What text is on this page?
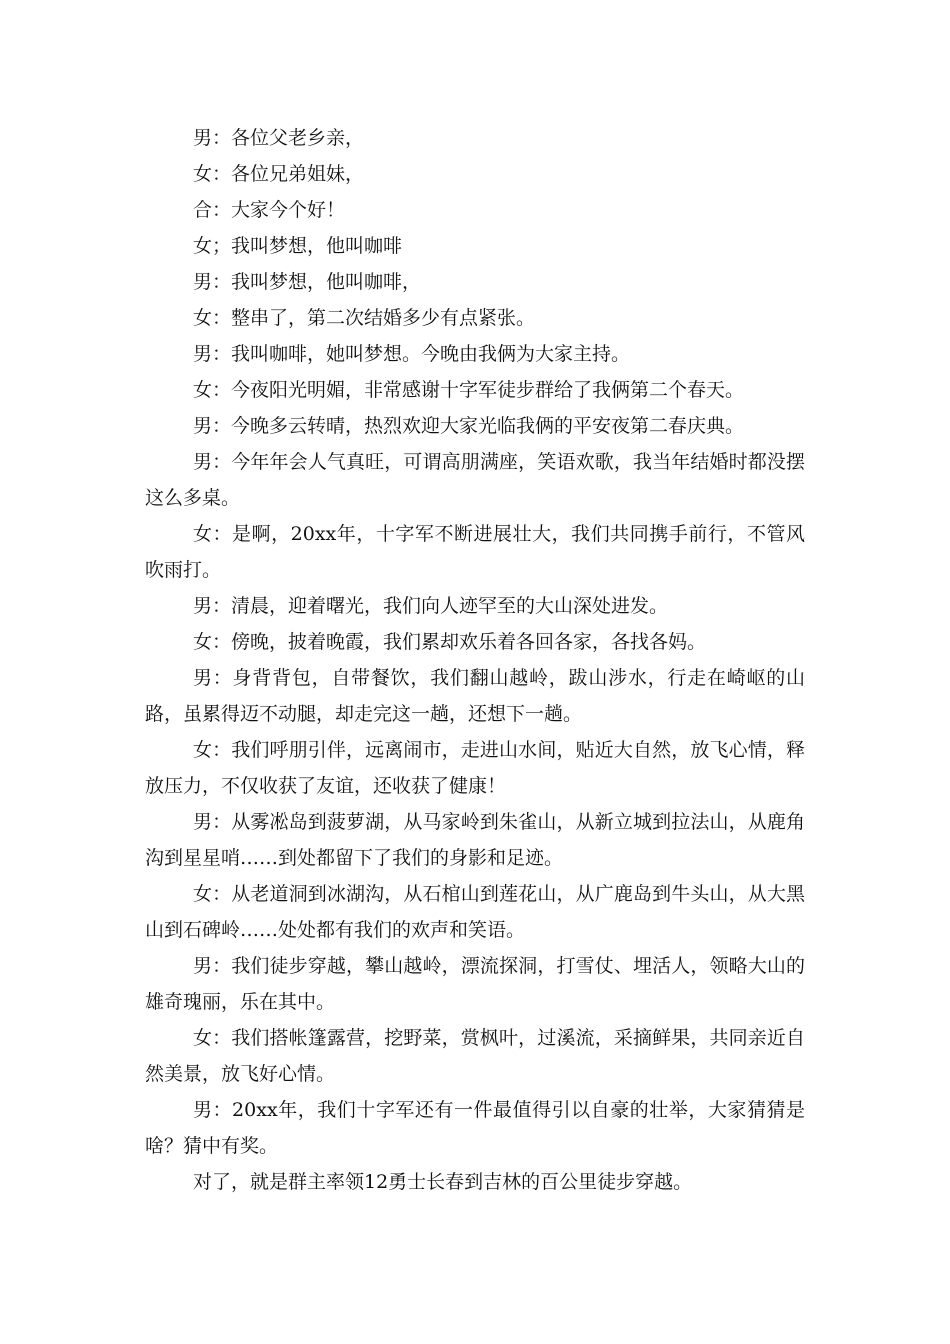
男：各位父老乡亲，

女：各位兄弟姐妹，

合：大家今个好！

女；我叫梦想，他叫咖啡

男：我叫梦想，他叫咖啡，

女：整串了，第二次结婚多少有点紧张。

男：我叫咖啡，她叫梦想。今晚由我俩为大家主持。

女：今夜阳光明媚，非常感谢十字军徒步群给了我俩第二个春天。

男：今晚多云转晴，热烈欢迎大家光临我俩的平安夜第二春庆典。

男：今年年会人气真旺，可谓高朋满座，笑语欢歌，我当年结婚时都没摆这么多桌。

女：是啊，20xx年，十字军不断进展壮大，我们共同携手前行，不管风吹雨打。

男：清晨，迎着曙光，我们向人迹罕至的大山深处进发。

女：傍晚，披着晚霞，我们累却欢乐着各回各家，各找各妈。

男：身背背包，自带餐饮，我们翻山越岭，跋山涉水，行走在崎岖的山路，虽累得迈不动腿，却走完这一趟，还想下一趟。

女：我们呼朋引伴，远离闹市，走进山水间，贴近大自然，放飞心情，释放压力，不仅收获了友谊，还收获了健康！

男：从雾凇岛到菠萝湖，从马家岭到朱雀山，从新立城到拉法山，从鹿角沟到星星哨……到处都留下了我们的身影和足迹。

女：从老道洞到冰湖沟，从石棺山到莲花山，从广鹿岛到牛头山，从大黑山到石碑岭……处处都有我们的欢声和笑语。

男：我们徒步穿越，攀山越岭，漂流探洞，打雪仗、埋活人，领略大山的雄奇瑰丽，乐在其中。

女：我们搭帐篷露营，挖野菜，赏枫叶，过溪流，采摘鲜果，共同亲近自然美景，放飞好心情。

男：20xx年，我们十字军还有一件最值得引以自豪的壮举，大家猜猜是啥？猜中有奖。

对了，就是群主率领12勇士长春到吉林的百公里徒步穿越。
